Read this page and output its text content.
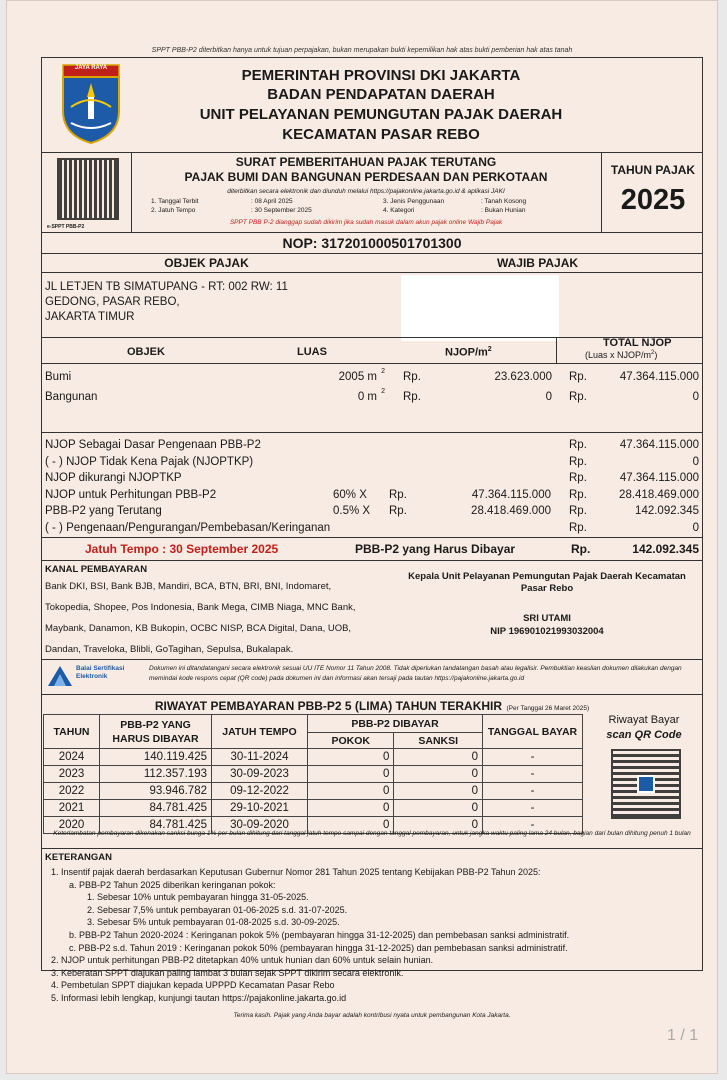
SPPT PBB-P2 diterbitkan hanya untuk tujuan perpajakan, bukan merupakan bukti kepemilikan hak atas bukti pemberian hak atas tanah
JAYA RAYA	PEMERINTAH PROVINSI DKI JAKARTA
BADAN PENDAPATAN DAERAH
UNIT PELAYANAN PEMUNGUTAN PAJAK DAERAH
KECAMATAN PASAR REBO
e-SPPT PBB-P2
SURAT PEMBERITAHUAN PAJAK TERUTANG
PAJAK BUMI DAN BANGUNAN PERDESAAN DAN PERKOTAAN
diterbitkan secara elektronik dan diunduh melalui https://pajakonline.jakarta.go.id & aplikasi JAKI
1. Tanggal Terbit	: 08 April 2025
2. Jatuh Tempo	: 30 September 2025
3. Jenis Penggunaan	: Tanah Kosong
4. Kategori	: Bukan Hunian
SPPT PBB P-2 dianggap sudah dikirim jika sudah masuk dalam akun pajak online Wajib Pajak
TAHUN PAJAK
2025
NOP: 317201000501701300
OBJEK PAJAK	WAJIB PAJAK
JL LETJEN TB SIMATUPANG - RT: 002 RW: 11
GEDONG, PASAR REBO,
JAKARTA TIMUR
OBJEK	LUAS	NJOP/$m^2$
TOTAL NJOP
(Luas x NJOP/$m^2$)
Bumi	2005 m 2 Rp.	23.623.000 Rp.	47.364.115.000
Bangunan	0 m 2 Rp.	0 Rp.	0
NJOP Sebagai Dasar Pengenaan PBB-P2	Rp.	47.364.115.000
( - ) NJOP Tidak Kena Pajak (NJOPTKP)	Rp.	0
NJOP dikurangi NJOPTKP	Rp.	47.364.115.000
NJOP untuk Perhitungan PBB-P2	60% X Rp.	47.364.115.000 Rp.	28.418.469.000
PBB-P2 yang Terutang	0.5% X Rp.	28.418.469.000 Rp.	142.092.345
( - ) Pengenaan/Pengurangan/Pembebasan/Keringanan	Rp.	0
Jatuh Tempo : 30 September 2025	PBB-P2 yang Harus Dibayar	Rp.	142.092.345
KANAL PEMBAYARAN
Bank DKI, BSI, Bank BJB, Mandiri, BCA, BTN, BRI, BNI, Indomaret,
Tokopedia, Shopee, Pos Indonesia, Bank Mega, CIMB Niaga, MNC Bank,
Maybank, Danamon, KB Bukopin, OCBC NISP, BCA Digital, Dana, UOB,
Dandan, Traveloka, Blibli, GoTagihan, Sepulsa, Bukalapak.
Kepala Unit Pelayanan Pemungutan Pajak Daerah Kecamatan Pasar Rebo
SRI UTAMI
NIP 196901021993032004
Balai Sertifikasi Elektronik
Dokumen ini ditandatangani secara elektronik sesuai UU ITE Nomor 11 Tahun 2008. Tidak diperlukan tandatangan basah atau legalisir. Pembuktian keaslian dokumen dilakukan dengan memindai kode respons cepat (QR code) pada dokumen ini dan informasi akan tersaji pada tautan https://pajakonline.jakarta.go.id
RIWAYAT PEMBAYARAN PBB-P2 5 (LIMA) TAHUN TERAKHIR (Per Tanggal 26 Maret 2025)
TAHUN	PBB-P2 YANG HARUS DIBAYAR	JATUH TEMPO	PBB-P2 DIBAYAR		TANGGAL BAYAR
			POKOK	SANKSI	
2024	140.119.425	30-11-2024	0	0	-
2023	112.357.193	30-09-2023	0	0	-
2022	93.946.782	09-12-2022	0	0	-
2021	84.781.425	29-10-2021	0	0	-
2020	84.781.425	30-09-2020	0	0	-
Riwayat Bayar
scan QR Code
Keterlambatan pembayaran dikenakan sanksi bunga 1% per bulan dihitung dari tanggal jatuh tempo sampai dengan tanggal pembayaran, untuk jangka waktu paling lama 24 bulan, bagian dari bulan dihitung penuh 1 bulan
KETERANGAN
1. Insentif pajak daerah berdasarkan Keputusan Gubernur Nomor 281 Tahun 2025 tentang Kebijakan PBB-P2 Tahun 2025:
a. PBB-P2 Tahun 2025 diberikan keringanan pokok:
1. Sebesar 10% untuk pembayaran hingga 31-05-2025.
2. Sebesar 7,5% untuk pembayaran 01-06-2025 s.d. 31-07-2025.
3. Sebesar 5% untuk pembayaran 01-08-2025 s.d. 30-09-2025.
b. PBB-P2 Tahun 2020-2024 : Keringanan pokok 5% (pembayaran hingga 31-12-2025) dan pembebasan sanksi administratif.
c. PBB-P2 s.d. Tahun 2019 : Keringanan pokok 50% (pembayaran hingga 31-12-2025) dan pembebasan sanksi administratif.
2. NJOP untuk perhitungan PBB-P2 ditetapkan 40% untuk hunian dan 60% untuk selain hunian.
3. Keberatan SPPT diajukan paling lambat 3 bulan sejak SPPT dikirim secara elektronik.
4. Pembetulan SPPT diajukan kepada UPPPD Kecamatan Pasar Rebo
5. Informasi lebih lengkap, kunjungi tautan https://pajakonline.jakarta.go.id
Terima kasih. Pajak yang Anda bayar adalah kontribusi nyata untuk pembangunan Kota Jakarta.
1 / 1
